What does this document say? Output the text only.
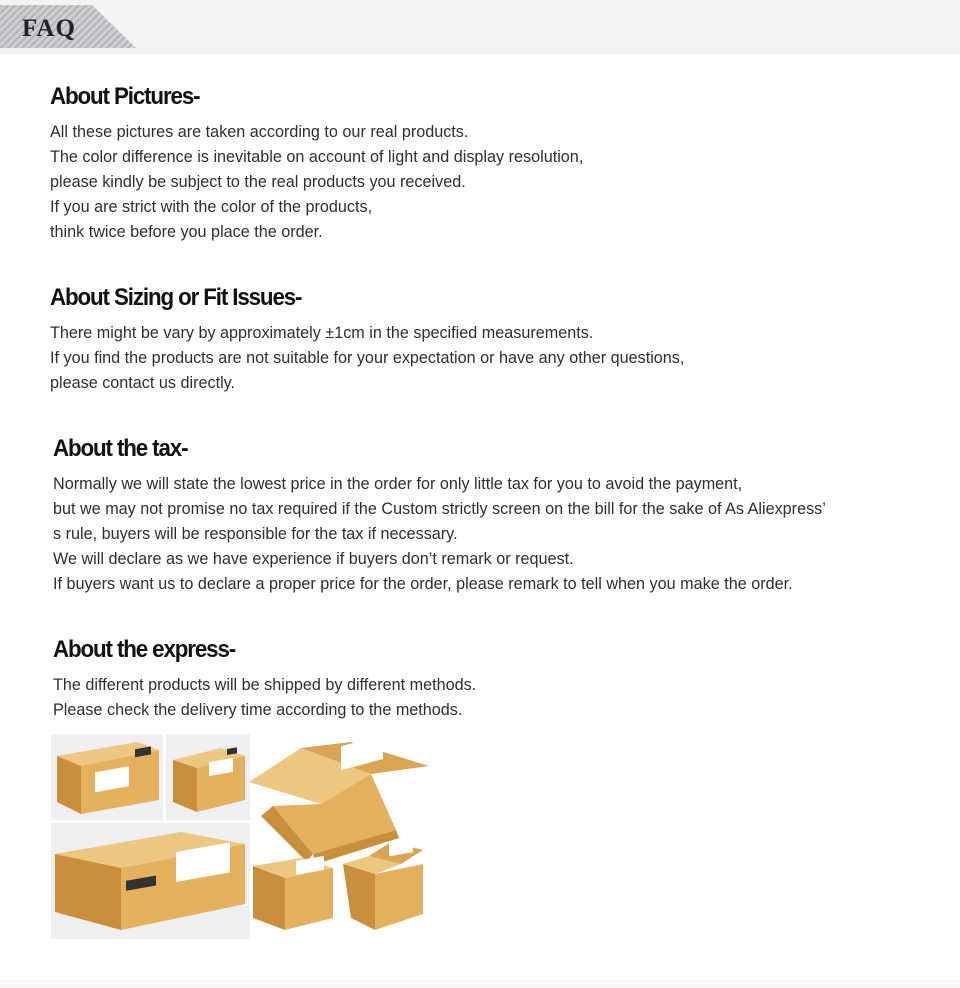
FAQ
About Pictures-
All these pictures are taken according to our real products.
The color difference is inevitable on account of light and display resolution,
please kindly be subject to the real products you received.
If you are strict with the color of the products,
think twice before you place the order.
About Sizing or Fit Issues-
There might be vary by approximately ±1cm in the specified measurements.
If you find the products are not suitable for your expectation or have any other questions,
please contact us directly.
About the tax-
Normally we will state the lowest price in the order for only little tax for you to avoid the payment,
but we may not promise no tax required if the Custom strictly screen on the bill for the sake of As Aliexpress’
s rule, buyers will be responsible for the tax if necessary.
We will declare as we have experience if buyers don’t remark or request.
If buyers want us to declare a proper price for the order, please remark to tell when you make the order.
About the express-
The different products will be shipped by different methods.
Please check the delivery time according to the methods.
